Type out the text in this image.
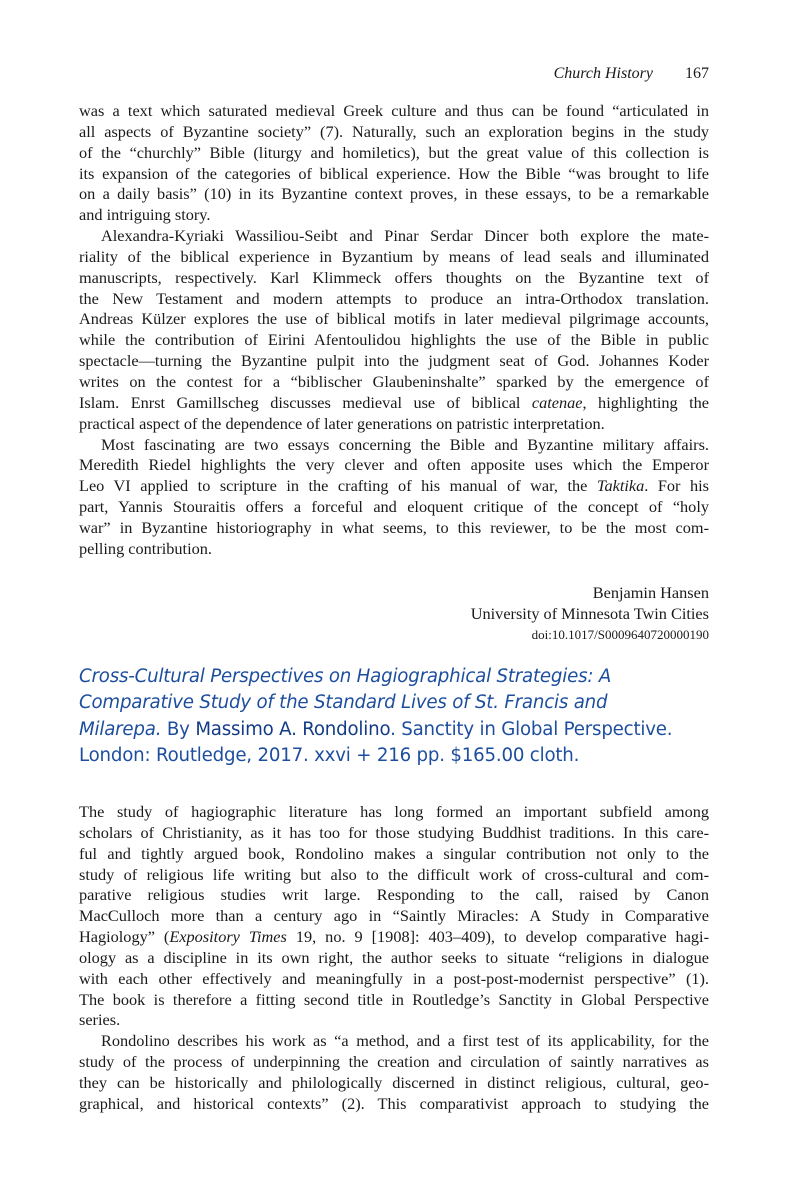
Church History 167

was a text which saturated medieval Greek culture and thus can be found “articulated in
all aspects of Byzantine society” (7). Naturally, such an exploration begins in the study
of the “churchly” Bible (liturgy and homiletics), but the great value of this collection is
its expansion of the categories of biblical experience. How the Bible “was brought to life
on a daily basis” (10) in its Byzantine context proves, in these essays, to be a remarkable
and intriguing story.

Alexandra-Kyriaki Wassiliou-Seibt and Pinar Serdar Dincer both explore the mate-
riality of the biblical experience in Byzantium by means of lead seals and illuminated
manuscripts, respectively. Karl Klimmeck offers thoughts on the Byzantine text of
the New Testament and modern attempts to produce an intra-Orthodox translation.
Andreas Külzer explores the use of biblical motifs in later medieval pilgrimage accounts,
while the contribution of Eirini Afentoulidou highlights the use of the Bible in public
spectacle—turning the Byzantine pulpit into the judgment seat of God. Johannes Koder
writes on the contest for a “biblischer Glaubeninshalte” sparked by the emergence of
Islam. Enrst Gamillscheg discusses medieval use of biblical catenae, highlighting the
practical aspect of the dependence of later generations on patristic interpretation.

Most fascinating are two essays concerning the Bible and Byzantine military affairs.
Meredith Riedel highlights the very clever and often apposite uses which the Emperor
Leo VI applied to scripture in the crafting of his manual of war, the Taktika. For his
part, Yannis Stouraitis offers a forceful and eloquent critique of the concept of “holy
war” in Byzantine historiography in what seems, to this reviewer, to be the most com-
pelling contribution.

Benjamin Hansen
University of Minnesota Twin Cities
doi:10.1017/S0009640720000190
Cross-Cultural Perspectives on Hagiographical Strategies: A
Comparative Study of the Standard Lives of St. Francis and
Milarepa. By Massimo A. Rondolino. Sanctity in Global Perspective.
London: Routledge, 2017. xxvi + 216 pp. $165.00 cloth.

The study of hagiographic literature has long formed an important subfield among
scholars of Christianity, as it has too for those studying Buddhist traditions. In this care-
ful and tightly argued book, Rondolino makes a singular contribution not only to the
study of religious life writing but also to the difficult work of cross-cultural and com-
parative religious studies writ large. Responding to the call, raised by Canon
MacCulloch more than a century ago in “Saintly Miracles: A Study in Comparative
Hagiology” (Expository Times 19, no. 9 [1908]: 403–409), to develop comparative hagi-
ology as a discipline in its own right, the author seeks to situate “religions in dialogue
with each other effectively and meaningfully in a post-post-modernist perspective” (1).
The book is therefore a fitting second title in Routledge’s Sanctity in Global Perspective
series.

Rondolino describes his work as “a method, and a first test of its applicability, for the
study of the process of underpinning the creation and circulation of saintly narratives as
they can be historically and philologically discerned in distinct religious, cultural, geo-
graphical, and historical contexts” (2). This comparativist approach to studying the
